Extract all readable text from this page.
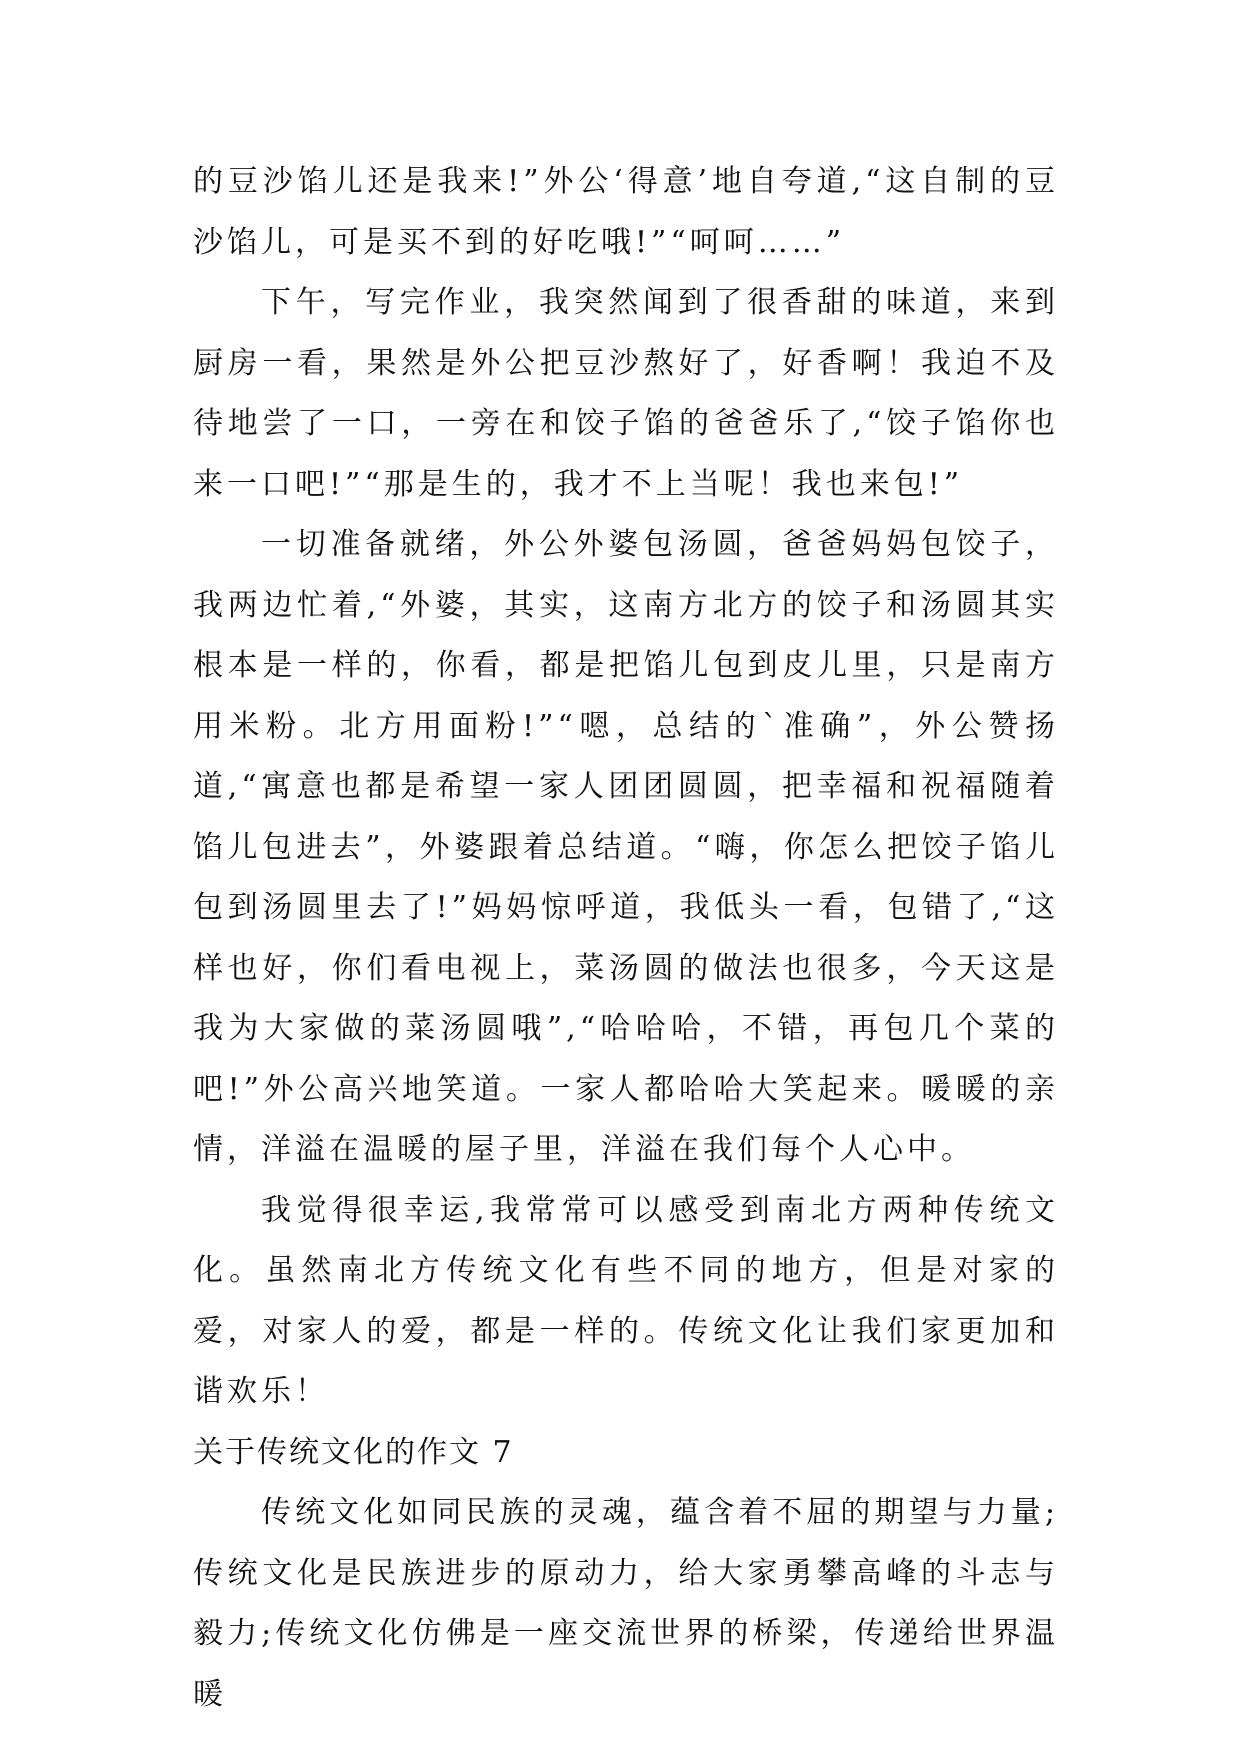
的豆沙馅儿还是我来!”外公‘得意’地自夸道,“这自制的豆沙馅儿，可是买不到的好吃哦!”“呵呵……”

下午，写完作业，我突然闻到了很香甜的味道，来到厨房一看，果然是外公把豆沙熬好了，好香啊！我迫不及待地尝了一口，一旁在和饺子馅的爸爸乐了,“饺子馅你也来一口吧!”“那是生的，我才不上当呢！我也来包!”

一切准备就绪，外公外婆包汤圆，爸爸妈妈包饺子，我两边忙着,“外婆，其实，这南方北方的饺子和汤圆其实根本是一样的，你看，都是把馅儿包到皮儿里，只是南方用米粉。北方用面粉!”“嗯，总结的`准确”，外公赞扬道,“寓意也都是希望一家人团团圆圆，把幸福和祝福随着馅儿包进去”，外婆跟着总结道。“嗨，你怎么把饺子馅儿包到汤圆里去了!”妈妈惊呼道，我低头一看，包错了,“这样也好，你们看电视上，菜汤圆的做法也很多，今天这是我为大家做的菜汤圆哦”,“哈哈哈，不错，再包几个菜的吧!”外公高兴地笑道。一家人都哈哈大笑起来。暖暖的亲情，洋溢在温暖的屋子里，洋溢在我们每个人心中。

我觉得很幸运,我常常可以感受到南北方两种传统文化。虽然南北方传统文化有些不同的地方，但是对家的爱，对家人的爱，都是一样的。传统文化让我们家更加和谐欢乐！

关于传统文化的作文 7

传统文化如同民族的灵魂，蕴含着不屈的期望与力量;传统文化是民族进步的原动力，给大家勇攀高峰的斗志与毅力;传统文化仿佛是一座交流世界的桥梁，传递给世界温暖
